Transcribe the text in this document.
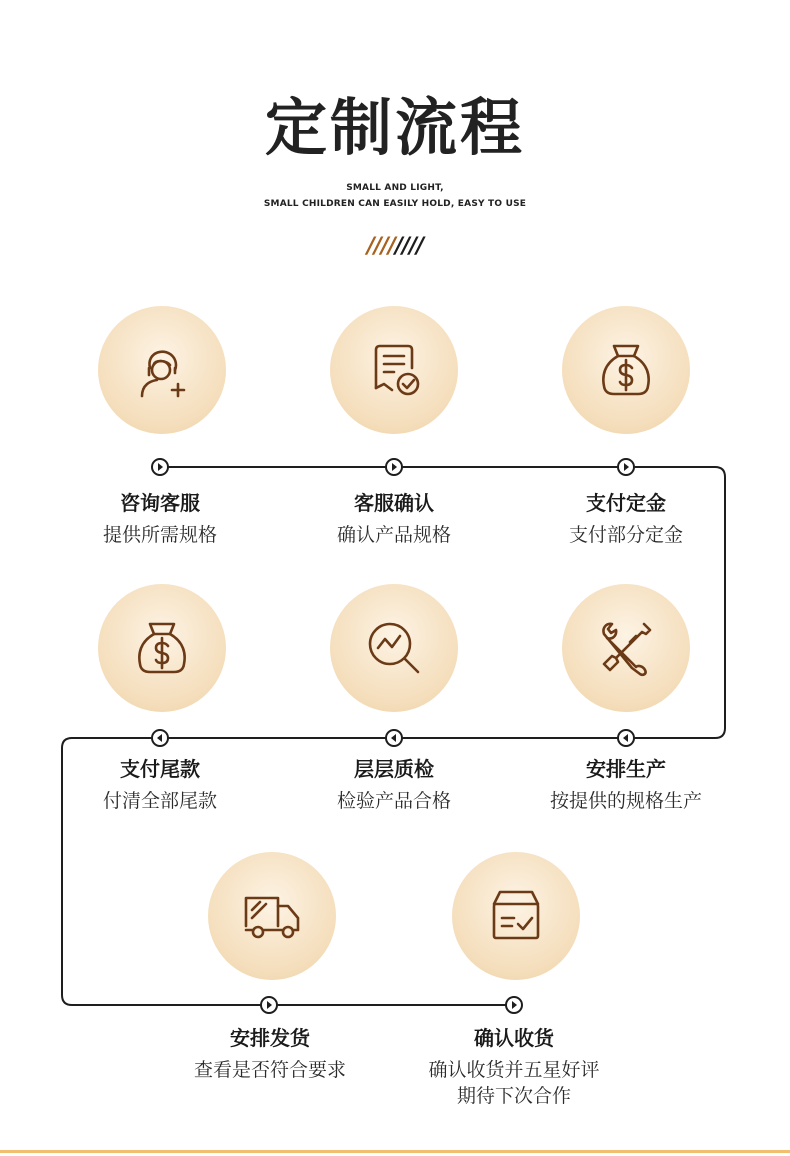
定制流程
SMALL AND LIGHT,
SMALL CHILDREN CAN EASILY HOLD, EASY TO USE
////////
咨询客服
提供所需规格
客服确认
确认产品规格
支付定金
支付部分定金
支付尾款
付清全部尾款
层层质检
检验产品合格
安排生产
按提供的规格生产
安排发货
查看是否符合要求
确认收货
确认收货并五星好评
期待下次合作
